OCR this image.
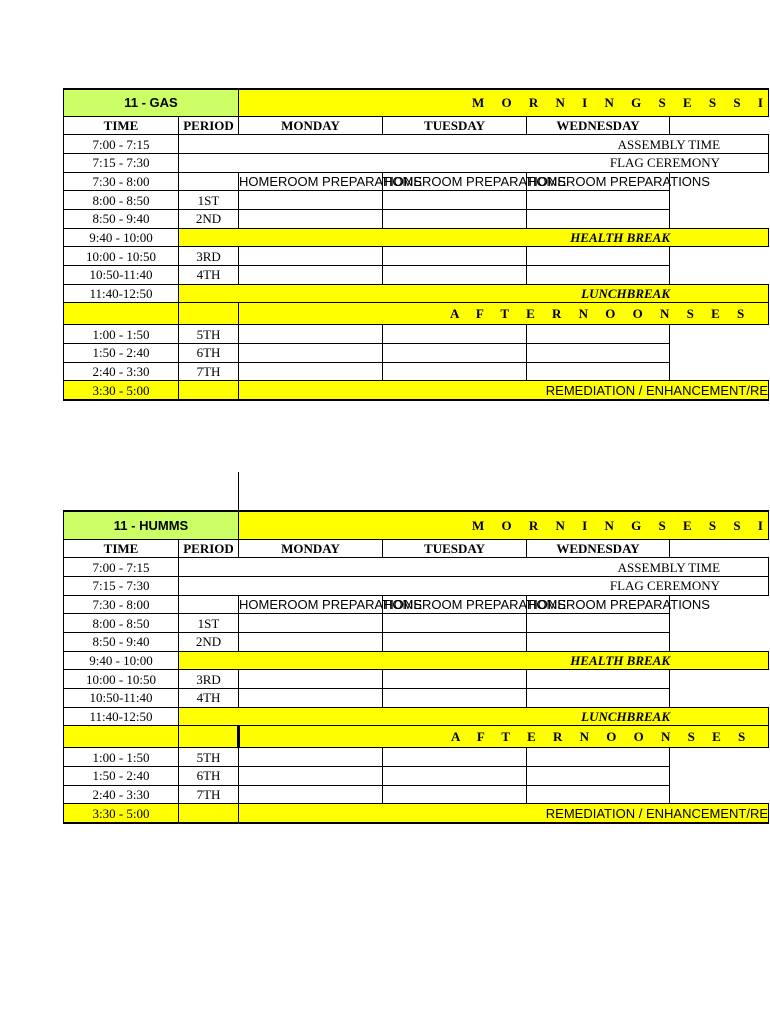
11 - GAS		M O R N I N G S E S S I			
TIME	PERIOD	MONDAY	TUESDAY	WEDNESDAY	
7:00 - 7:15	ASSEMBLY TIME				
7:15 - 7:30	FLAG CEREMONY				
7:30 - 8:00		HOMEROOM PREPARATIONS	HOMEROOM PREPARATIONS	HOMEROOM PREPARATIONS	
8:00 - 8:50	1ST				
8:50 - 9:40	2ND				
9:40 - 10:00	HEALTH BREAK				
10:00 - 10:50	3RD				
10:50-11:40	4TH				
11:40-12:50	LUNCHBREAK				
		A F T E R N O O N S E S			
1:00 - 1:50	5TH				
1:50 - 2:40	6TH				
2:40 - 3:30	7TH				
3:30 - 5:00		REMEDIATION / ENHANCEMENT/RE			
11 - HUMMS		M O R N I N G S E S S I			
TIME	PERIOD	MONDAY	TUESDAY	WEDNESDAY	
7:00 - 7:15	ASSEMBLY TIME				
7:15 - 7:30	FLAG CEREMONY				
7:30 - 8:00		HOMEROOM PREPARATIONS	HOMEROOM PREPARATIONS	HOMEROOM PREPARATIONS	
8:00 - 8:50	1ST				
8:50 - 9:40	2ND				
9:40 - 10:00	HEALTH BREAK				
10:00 - 10:50	3RD				
10:50-11:40	4TH				
11:40-12:50	LUNCHBREAK				
		A F T E R N O O N S E S			
1:00 - 1:50	5TH				
1:50 - 2:40	6TH				
2:40 - 3:30	7TH				
3:30 - 5:00		REMEDIATION / ENHANCEMENT/RE			
